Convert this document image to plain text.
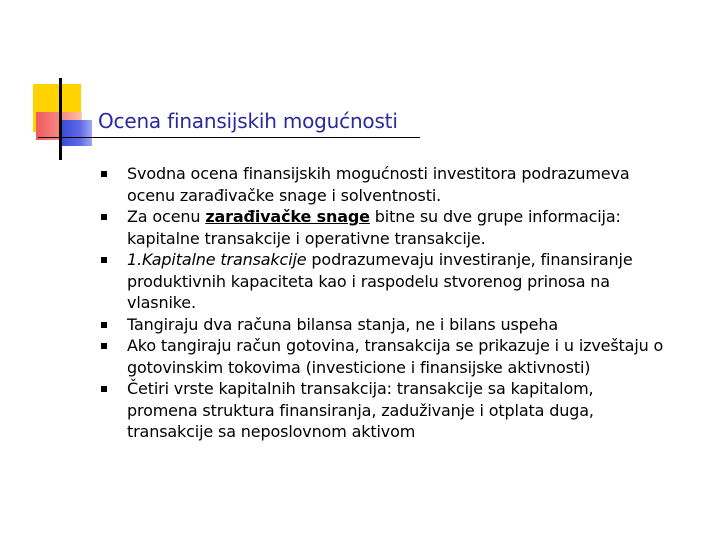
Ocena finansijskih mogućnosti
Svodna ocena finansijskih mogućnosti investitora podrazumeva ocenu zarađivačke snage i solventnosti.
Za ocenu zarađivačke snage bitne su dve grupe informacija: kapitalne transakcije i operativne transakcije.
1.Kapitalne transakcije podrazumevaju investiranje, finansiranje produktivnih kapaciteta kao i raspodelu stvorenog prinosa na vlasnike.
Tangiraju dva računa bilansa stanja, ne i bilans uspeha
Ako tangiraju račun gotovina, transakcija se prikazuje i u izveštaju o gotovinskim tokovima (investicione i finansijske aktivnosti)
Četiri vrste kapitalnih transakcija: transakcije sa kapitalom, promena struktura finansiranja, zaduživanje i otplata duga, transakcije sa neposlovnom aktivom
